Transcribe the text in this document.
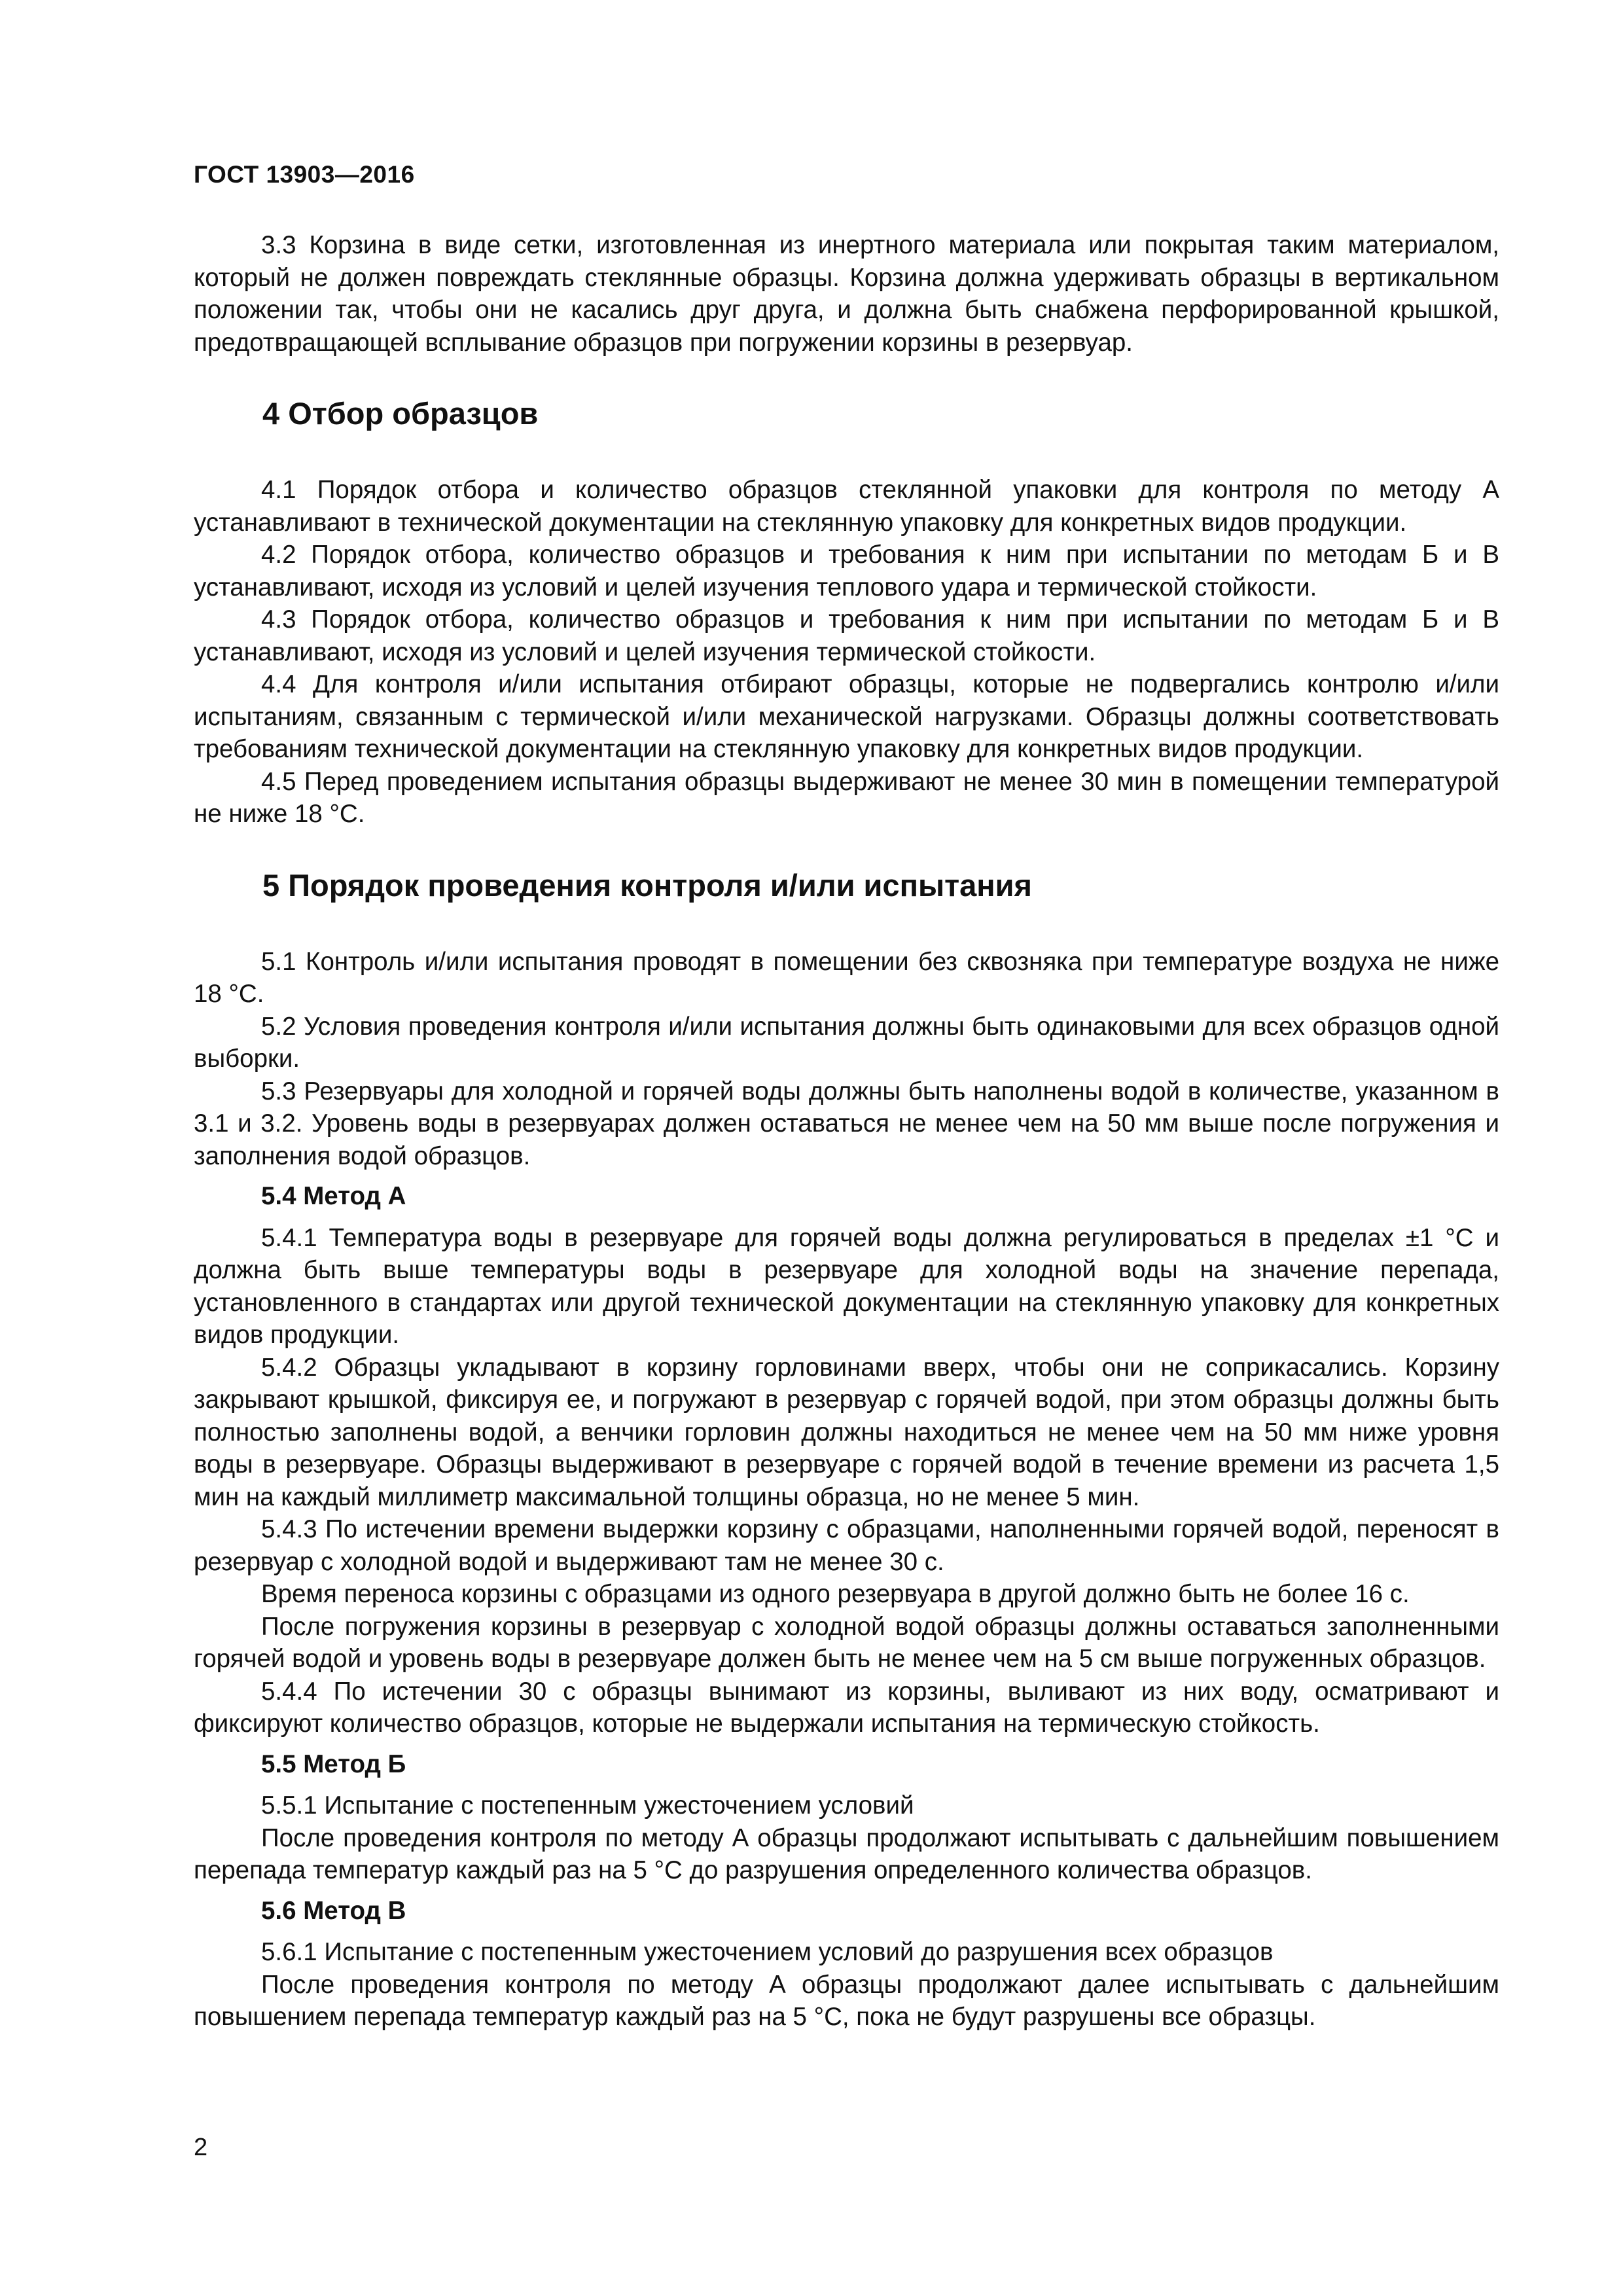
ГОСТ 13903—2016

3.3 Корзина в виде сетки, изготовленная из инертного материала или покрытая таким материалом, который не должен повреждать стеклянные образцы. Корзина должна удерживать образцы в вертикальном положении так, чтобы они не касались друг друга, и должна быть снабжена перфорированной крышкой, предотвращающей всплывание образцов при погружении корзины в резервуар.

4 Отбор образцов

4.1 Порядок отбора и количество образцов стеклянной упаковки для контроля по методу А устанавливают в технической документации на стеклянную упаковку для конкретных видов продукции.

4.2 Порядок отбора, количество образцов и требования к ним при испытании по методам Б и В устанавливают, исходя из условий и целей изучения теплового удара и термической стойкости.

4.3 Порядок отбора, количество образцов и требования к ним при испытании по методам Б и В устанавливают, исходя из условий и целей изучения термической стойкости.

4.4 Для контроля и/или испытания отбирают образцы, которые не подвергались контролю и/или испытаниям, связанным с термической и/или механической нагрузками. Образцы должны соответствовать требованиям технической документации на стеклянную упаковку для конкретных видов продукции.

4.5 Перед проведением испытания образцы выдерживают не менее 30 мин в помещении температурой не ниже 18 °С.

5 Порядок проведения контроля и/или испытания

5.1 Контроль и/или испытания проводят в помещении без сквозняка при температуре воздуха не ниже 18 °С.

5.2 Условия проведения контроля и/или испытания должны быть одинаковыми для всех образцов одной выборки.

5.3 Резервуары для холодной и горячей воды должны быть наполнены водой в количестве, указанном в 3.1 и 3.2. Уровень воды в резервуарах должен оставаться не менее чем на 50 мм выше после погружения и заполнения водой образцов.

5.4 Метод А

5.4.1 Температура воды в резервуаре для горячей воды должна регулироваться в пределах ±1 °С и должна быть выше температуры воды в резервуаре для холодной воды на значение перепада, установленного в стандартах или другой технической документации на стеклянную упаковку для конкретных видов продукции.

5.4.2 Образцы укладывают в корзину горловинами вверх, чтобы они не соприкасались. Корзину закрывают крышкой, фиксируя ее, и погружают в резервуар с горячей водой, при этом образцы должны быть полностью заполнены водой, а венчики горловин должны находиться не менее чем на 50 мм ниже уровня воды в резервуаре. Образцы выдерживают в резервуаре с горячей водой в течение времени из расчета 1,5 мин на каждый миллиметр максимальной толщины образца, но не менее 5 мин.

5.4.3 По истечении времени выдержки корзину с образцами, наполненными горячей водой, переносят в резервуар с холодной водой и выдерживают там не менее 30 с.

Время переноса корзины с образцами из одного резервуара в другой должно быть не более 16 с.

После погружения корзины в резервуар с холодной водой образцы должны оставаться заполненными горячей водой и уровень воды в резервуаре должен быть не менее чем на 5 см выше погруженных образцов.

5.4.4 По истечении 30 с образцы вынимают из корзины, выливают из них воду, осматривают и фиксируют количество образцов, которые не выдержали испытания на термическую стойкость.

5.5 Метод Б

5.5.1 Испытание с постепенным ужесточением условий

После проведения контроля по методу А образцы продолжают испытывать с дальнейшим повышением перепада температур каждый раз на 5 °С до разрушения определенного количества образцов.

5.6 Метод В

5.6.1 Испытание с постепенным ужесточением условий до разрушения всех образцов

После проведения контроля по методу А образцы продолжают далее испытывать с дальнейшим повышением перепада температур каждый раз на 5 °С, пока не будут разрушены все образцы.

2
